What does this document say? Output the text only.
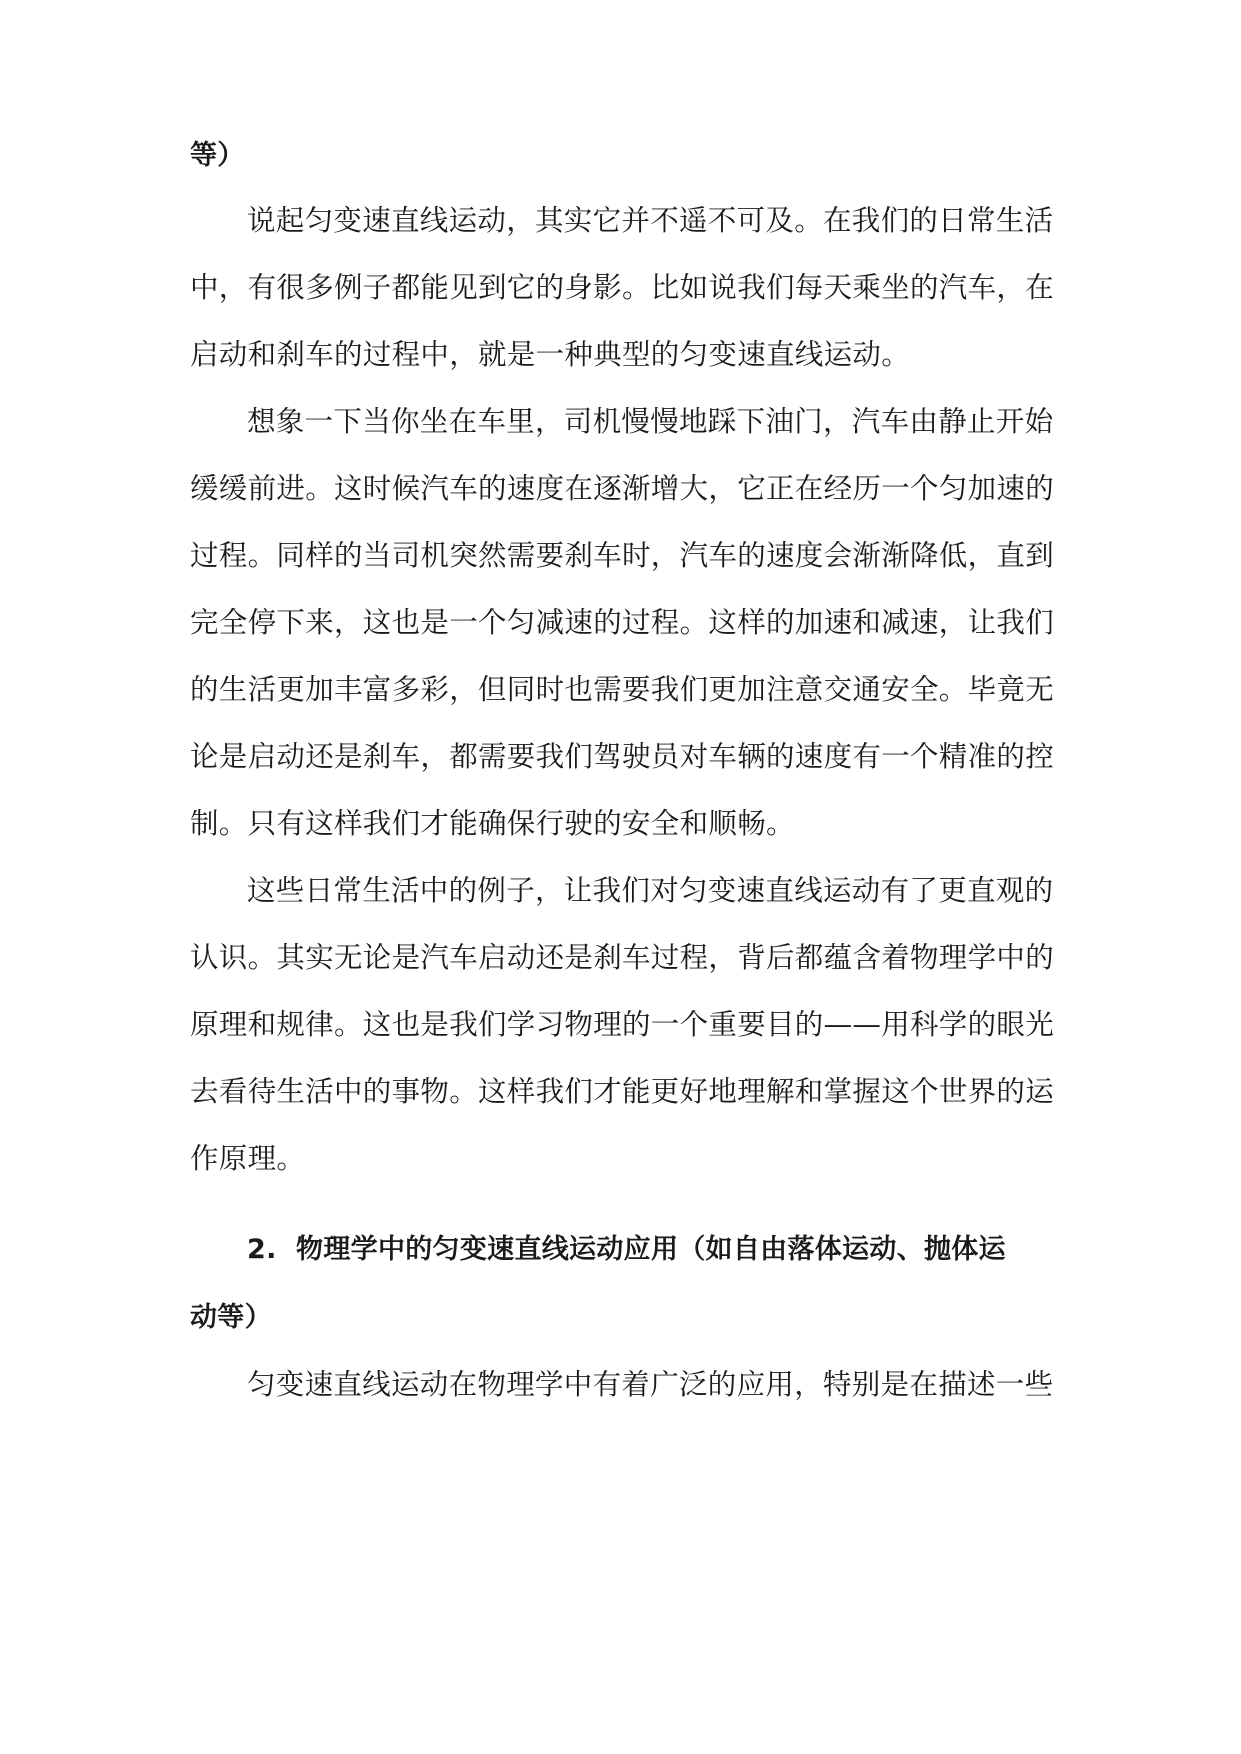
等）
说起匀变速直线运动，其实它并不遥不可及。在我们的日常生活
中，有很多例子都能见到它的身影。比如说我们每天乘坐的汽车，在
启动和刹车的过程中，就是一种典型的匀变速直线运动。
想象一下当你坐在车里，司机慢慢地踩下油门，汽车由静止开始
缓缓前进。这时候汽车的速度在逐渐增大，它正在经历一个匀加速的
过程。同样的当司机突然需要刹车时，汽车的速度会渐渐降低，直到
完全停下来，这也是一个匀减速的过程。这样的加速和减速，让我们
的生活更加丰富多彩，但同时也需要我们更加注意交通安全。毕竟无
论是启动还是刹车，都需要我们驾驶员对车辆的速度有一个精准的控
制。只有这样我们才能确保行驶的安全和顺畅。
这些日常生活中的例子，让我们对匀变速直线运动有了更直观的
认识。其实无论是汽车启动还是刹车过程，背后都蕴含着物理学中的
原理和规律。这也是我们学习物理的一个重要目的——用科学的眼光
去看待生活中的事物。这样我们才能更好地理解和掌握这个世界的运
作原理。
2.  物理学中的匀变速直线运动应用（如自由落体运动、抛体运
动等）
匀变速直线运动在物理学中有着广泛的应用，特别是在描述一些
